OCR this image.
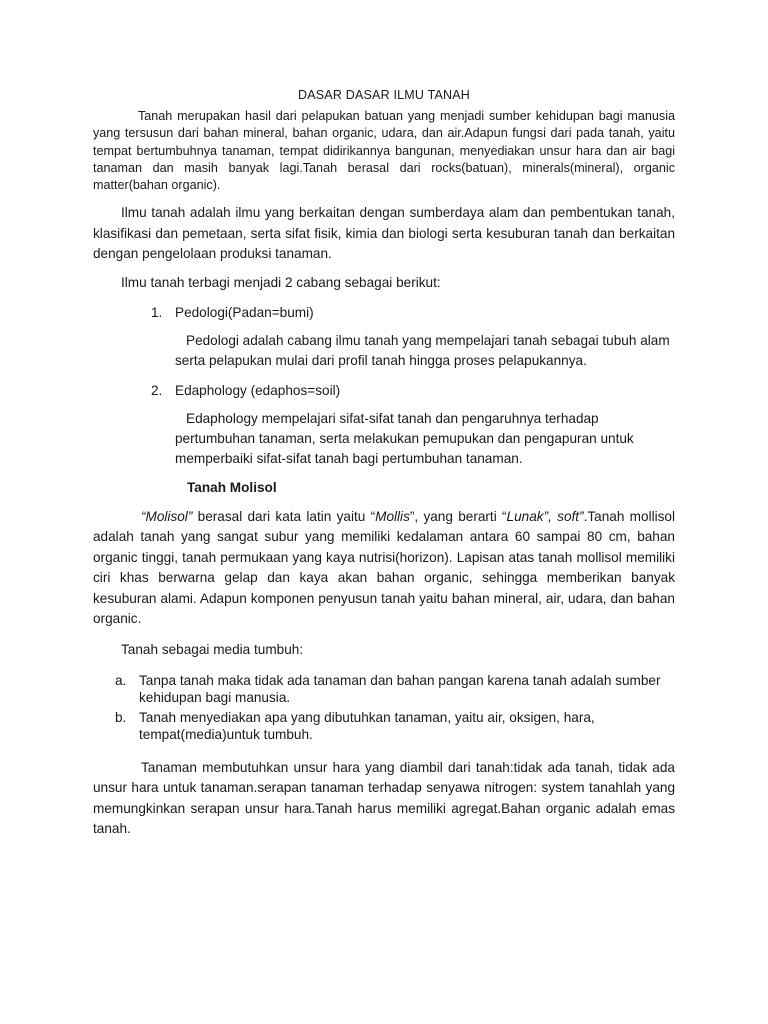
DASAR DASAR ILMU TANAH

Tanah merupakan hasil dari pelapukan batuan yang menjadi sumber kehidupan bagi manusia yang tersusun dari bahan mineral, bahan organic, udara, dan air.Adapun fungsi dari pada tanah, yaitu tempat bertumbuhnya tanaman, tempat didirikannya bangunan, menyediakan unsur hara dan air bagi tanaman dan masih banyak lagi.Tanah berasal dari rocks(batuan), minerals(mineral), organic matter(bahan organic).

Ilmu tanah adalah ilmu yang berkaitan dengan sumberdaya alam dan pembentukan tanah, klasifikasi dan pemetaan, serta sifat fisik, kimia dan biologi serta kesuburan tanah dan berkaitan dengan pengelolaan produksi tanaman.

Ilmu tanah terbagi menjadi 2 cabang sebagai berikut:
1. Pedologi(Padan=bumi)
Pedologi adalah cabang ilmu tanah yang mempelajari tanah sebagai tubuh alam serta pelapukan mulai dari profil tanah hingga proses pelapukannya.
2. Edaphology (edaphos=soil)
Edaphology mempelajari sifat-sifat tanah dan pengaruhnya terhadap pertumbuhan tanaman, serta melakukan pemupukan dan pengapuran untuk memperbaiki sifat-sifat tanah bagi pertumbuhan tanaman.
Tanah Molisol

“Molisol” berasal dari kata latin yaitu “Mollis”, yang berarti “Lunak”, soft”.Tanah mollisol adalah tanah yang sangat subur yang memiliki kedalaman antara 60 sampai 80 cm, bahan organic tinggi, tanah permukaan yang kaya nutrisi(horizon). Lapisan atas tanah mollisol memiliki ciri khas berwarna gelap dan kaya akan bahan organic, sehingga memberikan banyak kesuburan alami. Adapun komponen penyusun tanah yaitu bahan mineral, air, udara, dan bahan organic.

Tanah sebagai media tumbuh:
a. Tanpa tanah maka tidak ada tanaman dan bahan pangan karena tanah adalah sumber kehidupan bagi manusia.
b. Tanah menyediakan apa yang dibutuhkan tanaman, yaitu air, oksigen, hara, tempat(media)untuk tumbuh.

Tanaman membutuhkan unsur hara yang diambil dari tanah:tidak ada tanah, tidak ada unsur hara untuk tanaman.serapan tanaman terhadap senyawa nitrogen: system tanahlah yang memungkinkan serapan unsur hara.Tanah harus memiliki agregat.Bahan organic adalah emas tanah.
